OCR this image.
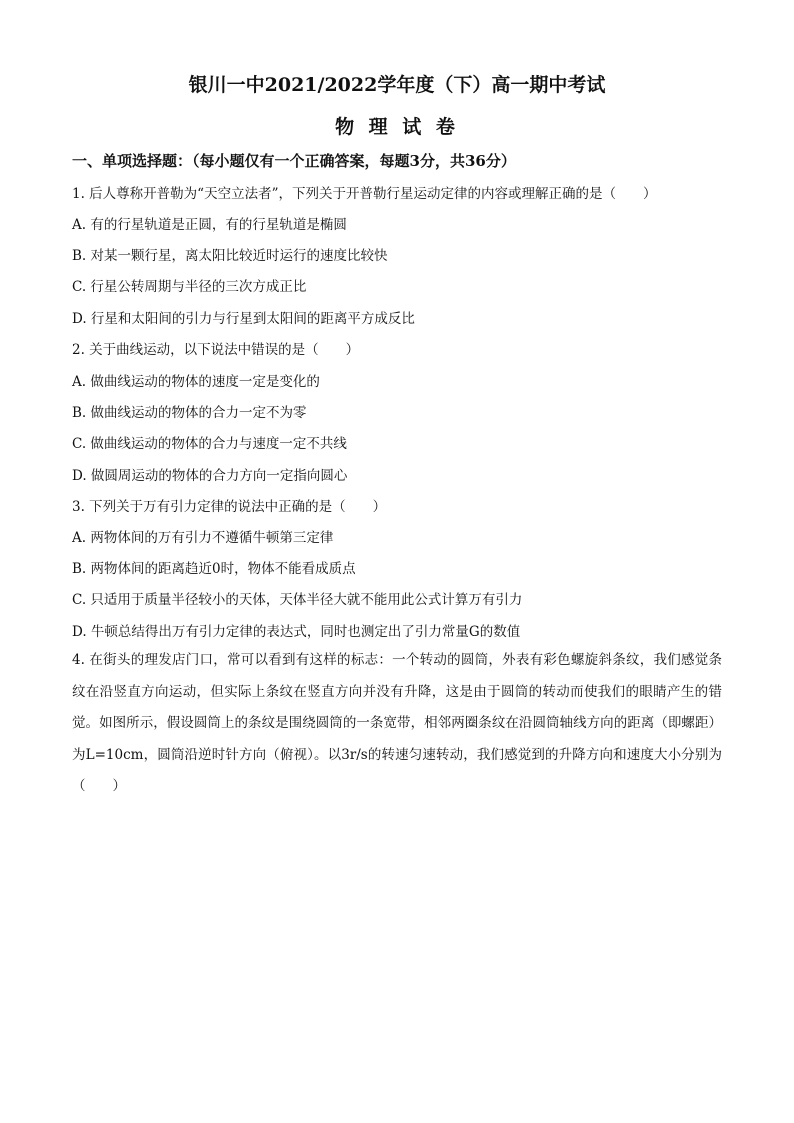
银川一中2021/2022学年度（下）高一期中考试
物 理 试 卷
一、单项选择题：（每小题仅有一个正确答案，每题3分，共36分）
1. 后人尊称开普勒为“天空立法者”，下列关于开普勒行星运动定律的内容或理解正确的是（　　）
A. 有的行星轨道是正圆，有的行星轨道是椭圆
B. 对某一颗行星，离太阳比较近时运行的速度比较快
C. 行星公转周期与半径的三次方成正比
D. 行星和太阳间的引力与行星到太阳间的距离平方成反比
2. 关于曲线运动，以下说法中错误的是（　　）
A. 做曲线运动的物体的速度一定是变化的
B. 做曲线运动的物体的合力一定不为零
C. 做曲线运动的物体的合力与速度一定不共线
D. 做圆周运动的物体的合力方向一定指向圆心
3. 下列关于万有引力定律的说法中正确的是（　　）
A. 两物体间的万有引力不遵循牛顿第三定律
B. 两物体间的距离趋近0时，物体不能看成质点
C. 只适用于质量半径较小的天体，天体半径大就不能用此公式计算万有引力
D. 牛顿总结得出万有引力定律的表达式，同时也测定出了引力常量G的数值
4. 在街头的理发店门口，常可以看到有这样的标志：一个转动的圆筒，外表有彩色螺旋斜条纹，我们感觉条纹在沿竖直方向运动，但实际上条纹在竖直方向并没有升降，这是由于圆筒的转动而使我们的眼睛产生的错觉。如图所示，假设圆筒上的条纹是围绕圆筒的一条宽带，相邻两圈条纹在沿圆筒轴线方向的距离（即螺距）为L=10cm，圆筒沿逆时针方向（俯视）。以3r/s的转速匀速转动，我们感觉到的升降方向和速度大小分别为（　　）
